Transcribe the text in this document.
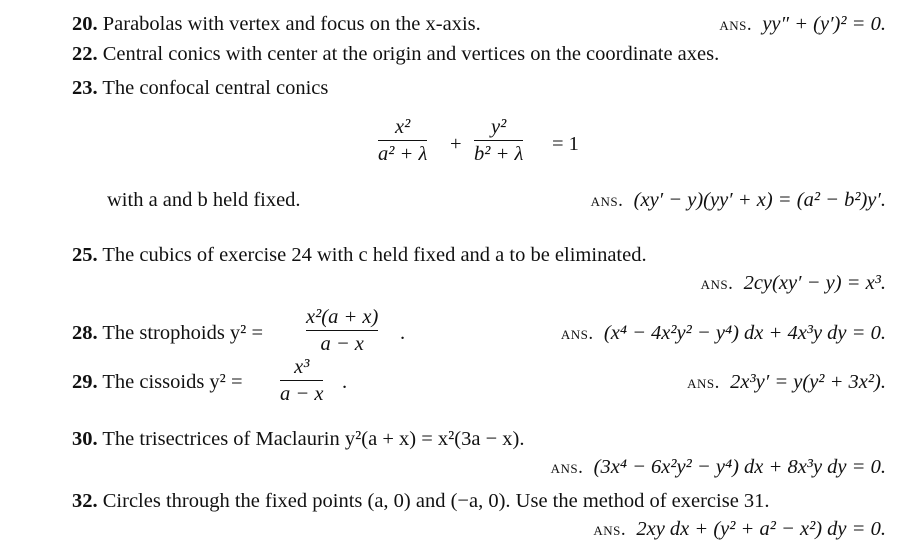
20. Parabolas with vertex and focus on the x-axis.	ans. yy″ + (y′)² = 0.
22. Central conics with center at the origin and vertices on the coordinate axes.
23. The confocal central conics
x²
a² + λ +
y²
b² + λ = 1
with a and b held fixed.	ans. (xy′ − y)(yy′ + x) = (a² − b²)y′.
25. The cubics of exercise 24 with c held fixed and a to be eliminated.
ans. 2cy(xy′ − y) = x³.
28. The strophoids y² =
x²(a + x)
a − x	.	ans. (x⁴ − 4x²y² − y⁴) dx + 4x³y dy = 0.
29. The cissoids y² =
x³
a − x
.	ans. 2x³y′ = y(y² + 3x²).
30. The trisectrices of Maclaurin y²(a + x) = x²(3a − x).
ans. (3x⁴ − 6x²y² − y⁴) dx + 8x³y dy = 0.
32. Circles through the fixed points (a, 0) and (−a, 0). Use the method of exercise 31.
ans. 2xy dx + (y² + a² − x²) dy = 0.
